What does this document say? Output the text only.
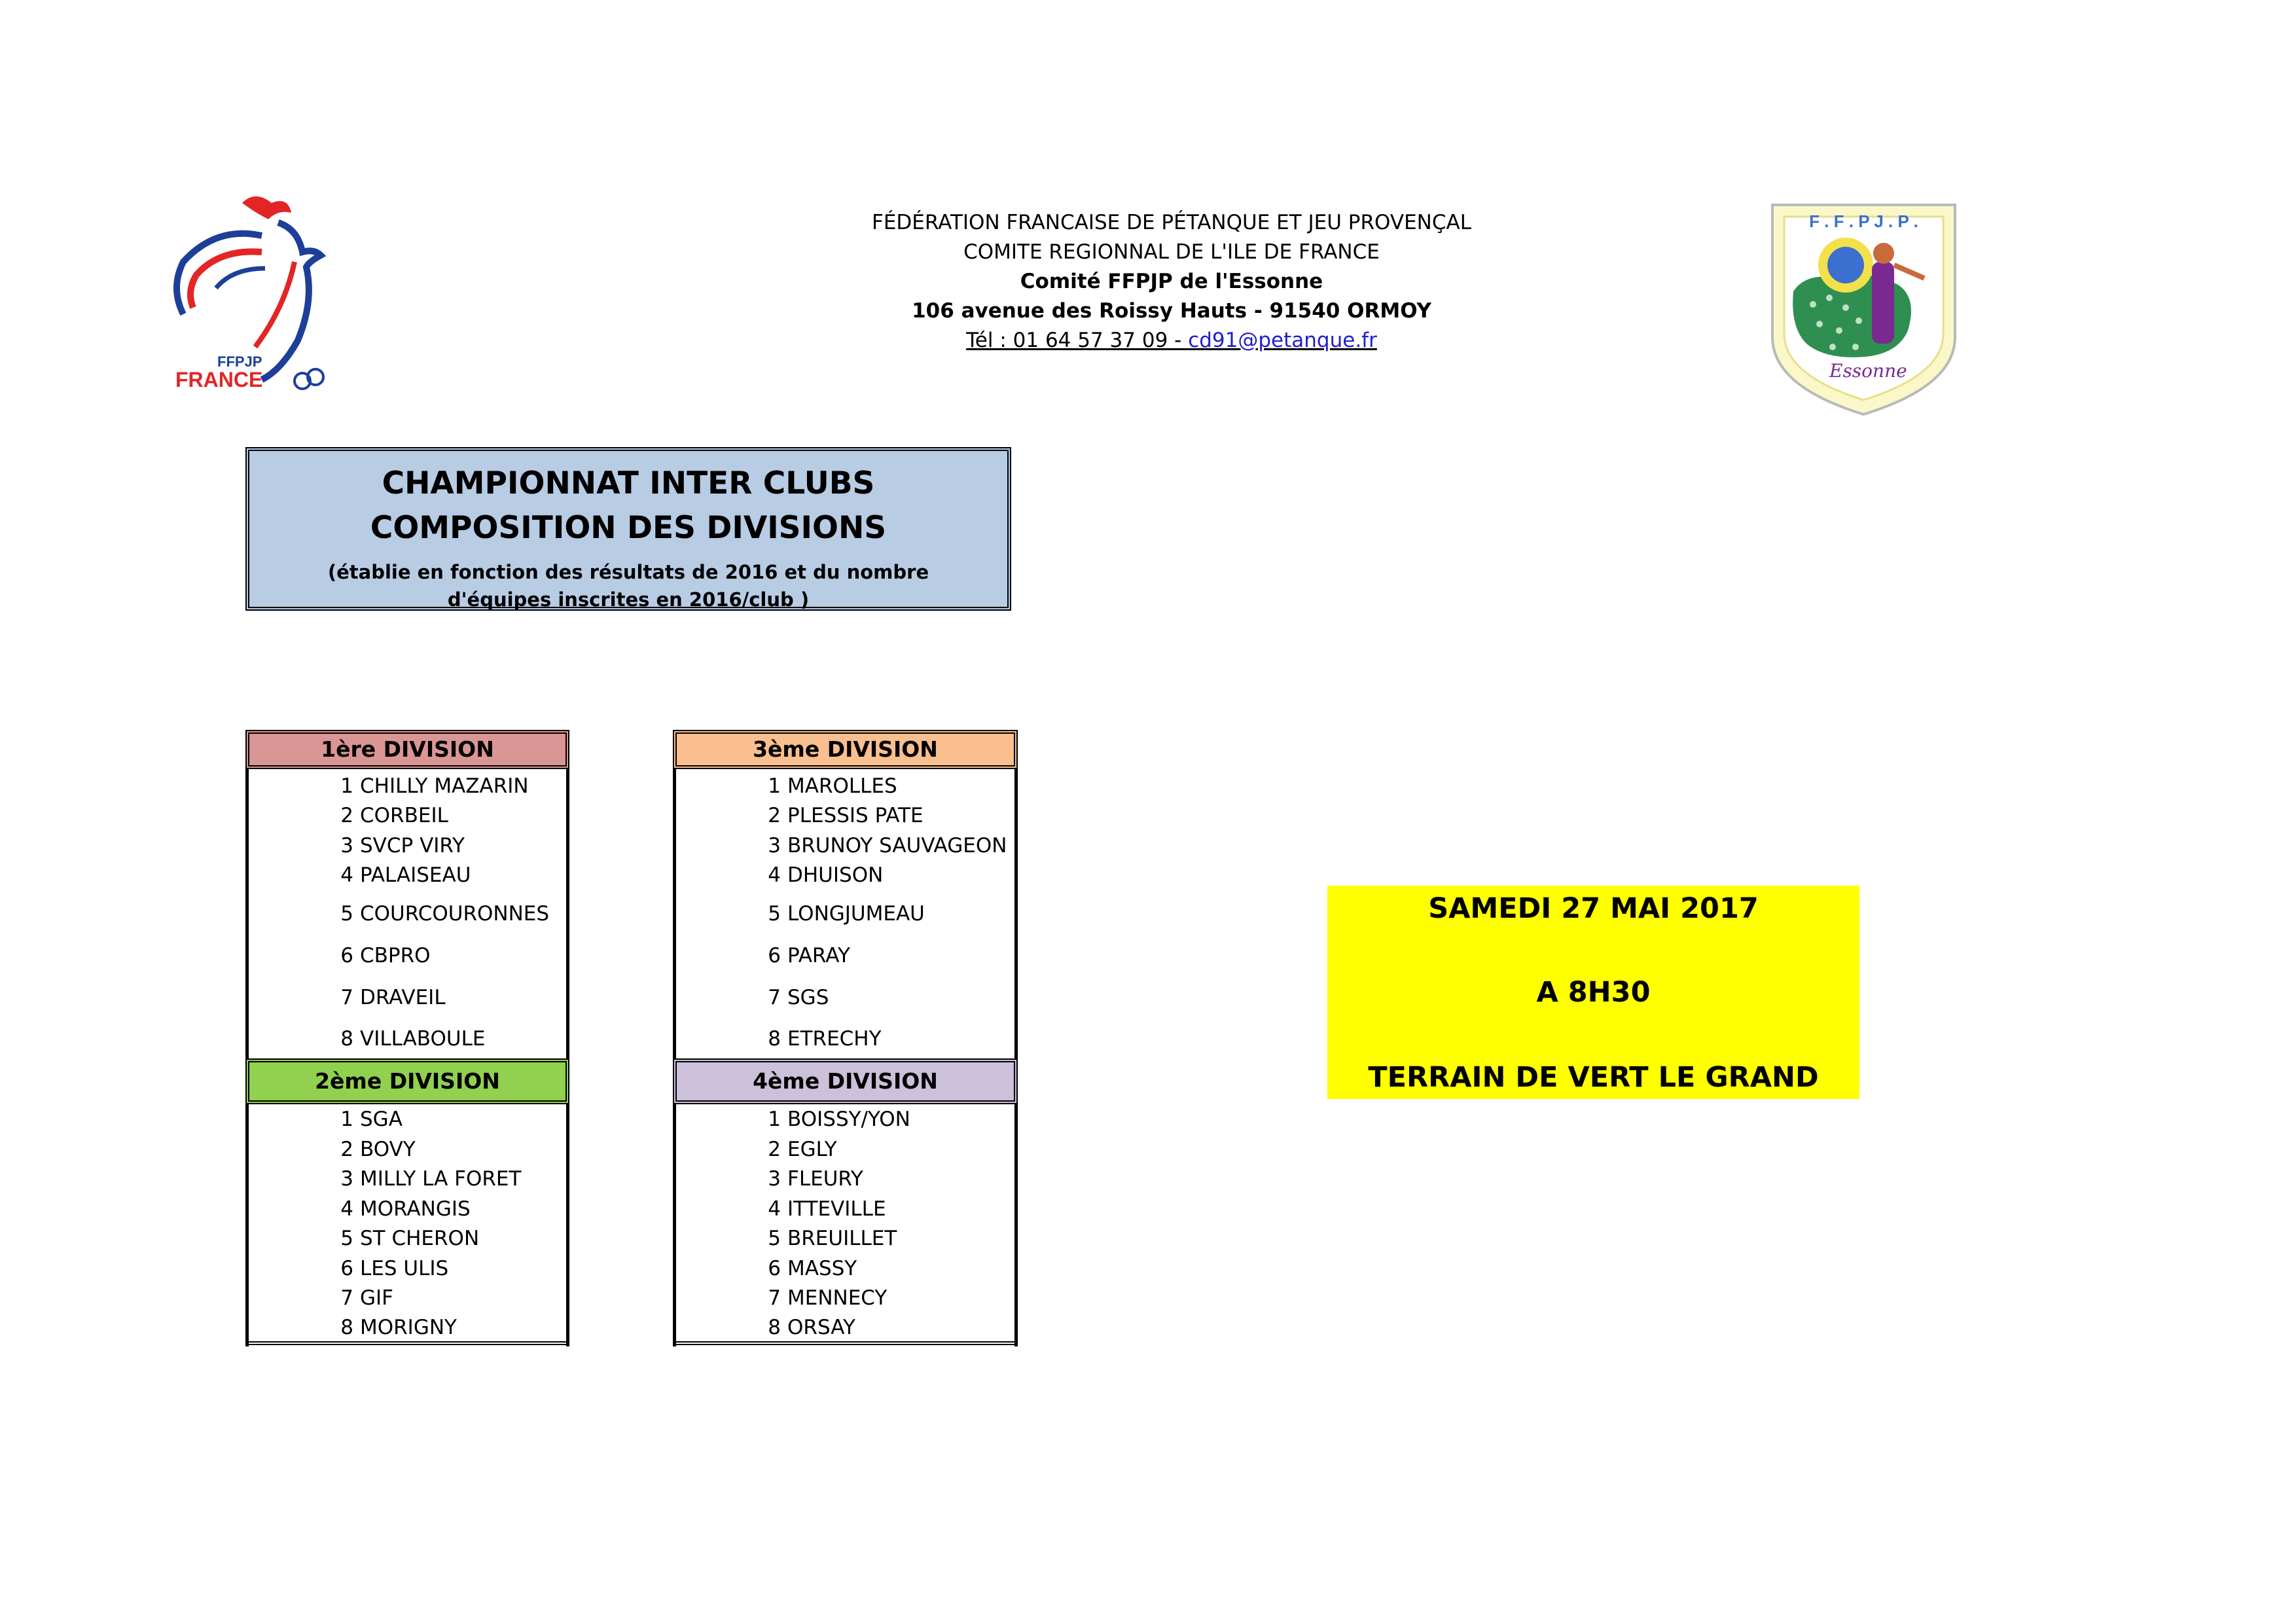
FFPJP
FRANCE
FÉDÉRATION FRANCAISE DE PÉTANQUE ET JEU PROVENÇAL
COMITE REGIONNAL DE L'ILE DE FRANCE
Comité FFPJP de l'Essonne
106 avenue des Roissy Hauts - 91540 ORMOY
Tél : 01 64 57 37 09 - cd91@petanque.fr
F . F . P J . P .
Essonne
CHAMPIONNAT INTER CLUBS
COMPOSITION DES DIVISIONS
(établie en fonction des résultats de 2016 et du nombre d'équipes inscrites en 2016/club )
1ère DIVISION
1 CHILLY MAZARIN
2 CORBEIL
3 SVCP VIRY
4 PALAISEAU
5 COURCOURONNES
6 CBPRO
7 DRAVEIL
8 VILLABOULE
3ème DIVISION
1 MAROLLES
2 PLESSIS PATE
3 BRUNOY SAUVAGEON
4 DHUISON
5 LONGJUMEAU
6 PARAY
7 SGS
8 ETRECHY
2ème DIVISION
1 SGA
2 BOVY
3 MILLY LA FORET
4 MORANGIS
5 ST CHERON
6 LES ULIS
7 GIF
8 MORIGNY
4ème DIVISION
1 BOISSY/YON
2 EGLY
3 FLEURY
4 ITTEVILLE
5 BREUILLET
6 MASSY
7 MENNECY
8 ORSAY
SAMEDI 27 MAI 2017
A 8H30
TERRAIN DE VERT LE GRAND
